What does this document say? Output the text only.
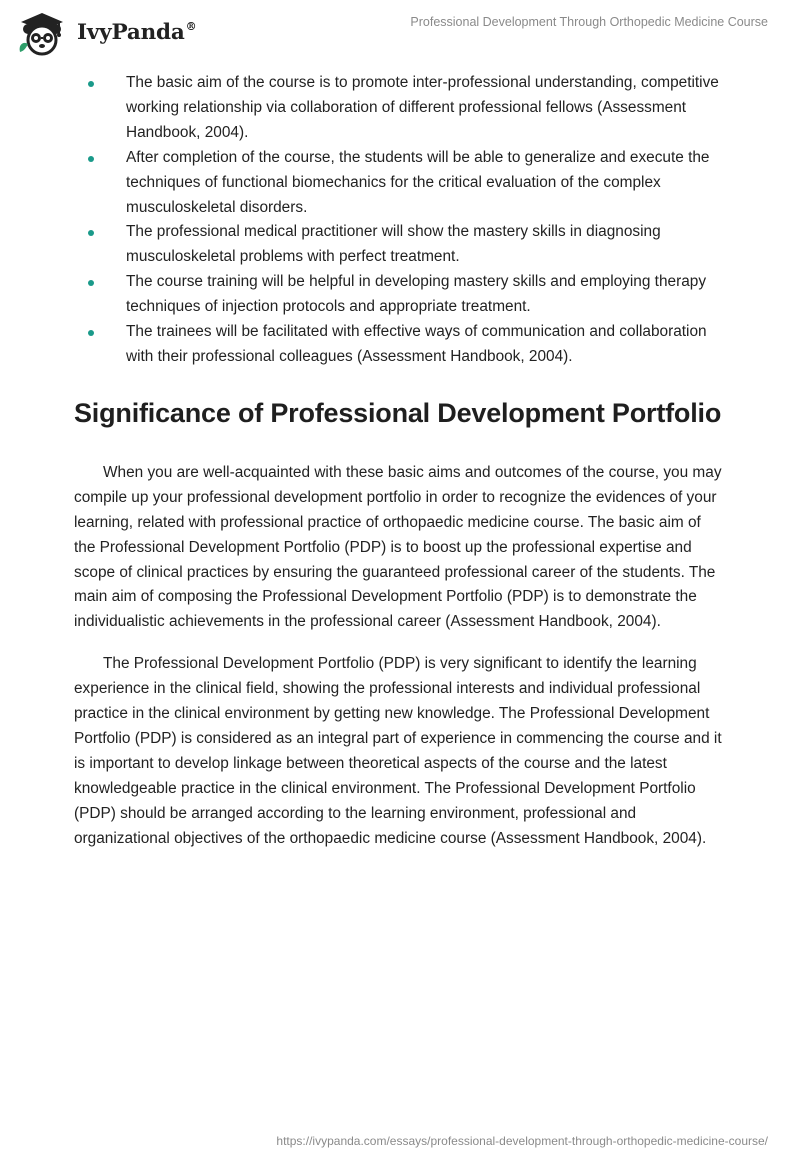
IvyPanda®	Professional Development Through Orthopedic Medicine Course
The basic aim of the course is to promote inter-professional understanding, competitive working relationship via collaboration of different professional fellows (Assessment Handbook, 2004).
After completion of the course, the students will be able to generalize and execute the techniques of functional biomechanics for the critical evaluation of the complex musculoskeletal disorders.
The professional medical practitioner will show the mastery skills in diagnosing musculoskeletal problems with perfect treatment.
The course training will be helpful in developing mastery skills and employing therapy techniques of injection protocols and appropriate treatment.
The trainees will be facilitated with effective ways of communication and collaboration with their professional colleagues (Assessment Handbook, 2004).
Significance of Professional Development Portfolio

When you are well-acquainted with these basic aims and outcomes of the course, you may compile up your professional development portfolio in order to recognize the evidences of your learning, related with professional practice of orthopaedic medicine course. The basic aim of the Professional Development Portfolio (PDP) is to boost up the professional expertise and scope of clinical practices by ensuring the guaranteed professional career of the students. The main aim of composing the Professional Development Portfolio (PDP) is to demonstrate the individualistic achievements in the professional career (Assessment Handbook, 2004).

The Professional Development Portfolio (PDP) is very significant to identify the learning experience in the clinical field, showing the professional interests and individual professional practice in the clinical environment by getting new knowledge. The Professional Development Portfolio (PDP) is considered as an integral part of experience in commencing the course and it is important to develop linkage between theoretical aspects of the course and the latest knowledgeable practice in the clinical environment. The Professional Development Portfolio (PDP) should be arranged according to the learning environment, professional and organizational objectives of the orthopaedic medicine course (Assessment Handbook, 2004).

https://ivypanda.com/essays/professional-development-through-orthopedic-medicine-course/
